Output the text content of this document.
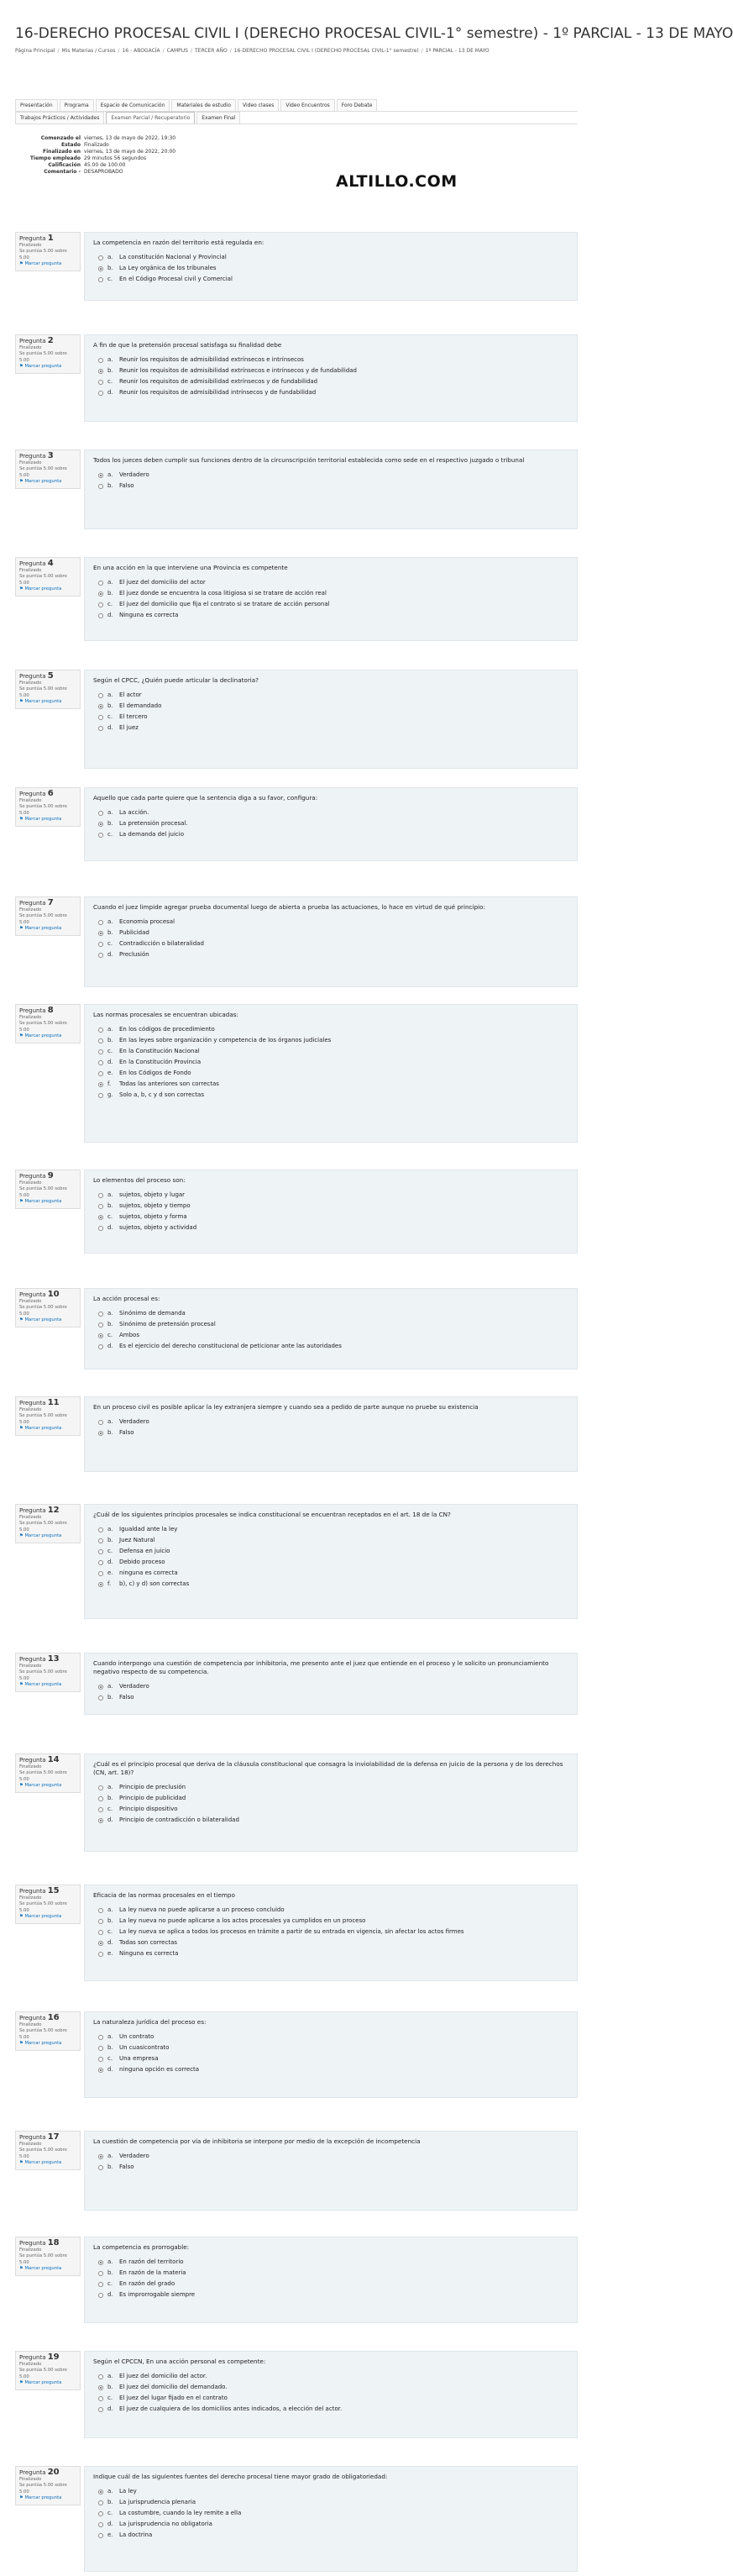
16-DERECHO PROCESAL CIVIL I (DERECHO PROCESAL CIVIL-1° semestre) - 1º PARCIAL - 13 DE MAYO
Página Principal / Mis Materias / Cursos / 16 - ABOGACÍA / CAMPUS / TERCER AÑO / 16-DERECHO PROCESAL CIVIL I (DERECHO PROCESAL CIVIL-1° semestre) / 1º PARCIAL - 13 DE MAYO
Presentación	Programa	Espacio de Comunicación	Materiales de estudio	Video clases	Video Encuentros	Foro Debate
Trabajos Prácticos / Actividades	Examen Parcial / Recuperatorio	Examen Final
Comenzado el viernes, 13 de mayo de 2022, 19:30
Estado Finalizado
Finalizado en viernes, 13 de mayo de 2022, 20:00
Tiempo empleado 29 minutos 56 segundos
Calificación 45.00 de 100.00
Comentario - DESAPROBADO
ALTILLO.COM
Pregunta 1
Finalizado
Se puntúa 5.00 sobre 5.00
⚑ Marcar pregunta
La competencia en razón del territorio está regulada en:
a.	La constitución Nacional y Provincial
b.	La Ley orgánica de los tribunales
c.	En el Código Procesal civil y Comercial
Pregunta 2
Finalizado
Se puntúa 5.00 sobre 5.00
⚑ Marcar pregunta
A fin de que la pretensión procesal satisfaga su finalidad debe
a.	Reunir los requisitos de admisibilidad extrínsecos e intrínsecos
b.	Reunir los requisitos de admisibilidad extrínsecos e intrínsecos y de fundabilidad
c.	Reunir los requisitos de admisibilidad extrínsecos y de fundabilidad
d.	Reunir los requisitos de admisibilidad intrínsecos y de fundabilidad
Pregunta 3
Finalizado
Se puntúa 5.00 sobre 5.00
⚑ Marcar pregunta
Todos los jueces deben cumplir sus funciones dentro de la circunscripción territorial establecida como sede en el respectivo juzgado o tribunal
a.	Verdadero
b.	Falso
Pregunta 4
Finalizado
Se puntúa 5.00 sobre 5.00
⚑ Marcar pregunta
En una acción en la que interviene una Provincia es competente
a.	El juez del domicilio del actor
b.	El juez donde se encuentra la cosa litigiosa si se tratare de acción real
c.	El juez del domicilio que fija el contrato si se tratare de acción personal
d.	Ninguna es correcta
Pregunta 5
Finalizado
Se puntúa 5.00 sobre 5.00
⚑ Marcar pregunta
Según el CPCC, ¿Quién puede articular la declinatoria?
a.	El actor
b.	El demandado
c.	El tercero
d.	El juez
Pregunta 6
Finalizado
Se puntúa 5.00 sobre 5.00
⚑ Marcar pregunta
Aquello que cada parte quiere que la sentencia diga a su favor, configura:
a.	La acción.
b.	La pretensión procesal.
c.	La demanda del juicio
Pregunta 7
Finalizado
Se puntúa 5.00 sobre 5.00
⚑ Marcar pregunta
Cuando el juez limpide agregar prueba documental luego de abierta a prueba las actuaciones, lo hace en virtud de qué principio:
a.	Economía procesal
b.	Publicidad
c.	Contradicción o bilateralidad
d.	Preclusión
Pregunta 8
Finalizado
Se puntúa 5.00 sobre 5.00
⚑ Marcar pregunta
Las normas procesales se encuentran ubicadas:
a.	En los códigos de procedimiento
b.	En las leyes sobre organización y competencia de los órganos judiciales
c.	En la Constitución Nacional
d.	En la Constitución Provincia
e.	En los Códigos de Fondo
f.	Todas las anteriores son correctas
g.	Solo a, b, c y d son correctas
Pregunta 9
Finalizado
Se puntúa 5.00 sobre 5.00
⚑ Marcar pregunta
Lo elementos del proceso son:
a.	sujetos, objeto y lugar
b.	sujetos, objeto y tiempo
c.	sujetos, objeto y forma
d.	sujetos, objeto y actividad
Pregunta 10
Finalizado
Se puntúa 5.00 sobre 5.00
⚑ Marcar pregunta
La acción procesal es:
a.	Sinónimo de demanda
b.	Sinónimo de pretensión procesal
c.	Ambos
d.	Es el ejercicio del derecho constitucional de peticionar ante las autoridades
Pregunta 11
Finalizado
Se puntúa 5.00 sobre 5.00
⚑ Marcar pregunta
En un proceso civil es posible aplicar la ley extranjera siempre y cuando sea a pedido de parte aunque no pruebe su existencia
a.	Verdadero
b.	Falso
Pregunta 12
Finalizado
Se puntúa 5.00 sobre 5.00
⚑ Marcar pregunta
¿Cuál de los siguientes principios procesales se indica constitucional se encuentran receptados en el art. 18 de la CN?
a.	Igualdad ante la ley
b.	Juez Natural
c.	Defensa en juicio
d.	Debido proceso
e.	ninguna es correcta
f.	b), c) y d) son correctas
Pregunta 13
Finalizado
Se puntúa 5.00 sobre 5.00
⚑ Marcar pregunta
Cuando interpongo una cuestión de competencia por inhibitoria, me presento ante el juez que entiende en el proceso y le solicito un pronunciamiento negativo respecto de su competencia.
a.	Verdadero
b.	Falso
Pregunta 14
Finalizado
Se puntúa 5.00 sobre 5.00
⚑ Marcar pregunta
¿Cuál es el principio procesal que deriva de la cláusula constitucional que consagra la inviolabilidad de la defensa en juicio de la persona y de los derechos (CN, art. 18)?
a.	Principio de preclusión
b.	Principio de publicidad
c.	Principio dispositivo
d.	Principio de contradicción o bilateralidad
Pregunta 15
Finalizado
Se puntúa 5.00 sobre 5.00
⚑ Marcar pregunta
Eficacia de las normas procesales en el tiempo
a.	La ley nueva no puede aplicarse a un proceso concluido
b.	La ley nueva no puede aplicarse a los actos procesales ya cumplidos en un proceso
c.	La ley nueva se aplica a todos los procesos en trámite a partir de su entrada en vigencia, sin afectar los actos firmes
d.	Todas son correctas
e.	Ninguna es correcta
Pregunta 16
Finalizado
Se puntúa 5.00 sobre 5.00
⚑ Marcar pregunta
La naturaleza jurídica del proceso es:
a.	Un contrato
b.	Un cuasicontrato
c.	Una empresa
d.	ninguna opción es correcta
Pregunta 17
Finalizado
Se puntúa 5.00 sobre 5.00
⚑ Marcar pregunta
La cuestión de competencia por vía de inhibitoria se interpone por medio de la excepción de incompetencia
a.	Verdadero
b.	Falso
Pregunta 18
Finalizado
Se puntúa 5.00 sobre 5.00
⚑ Marcar pregunta
La competencia es prorrogable:
a.	En razón del territorio
b.	En razón de la materia
c.	En razón del grado
d.	Es improrrogable siempre
Pregunta 19
Finalizado
Se puntúa 5.00 sobre 5.00
⚑ Marcar pregunta
Según el CPCCN, En una acción personal es competente:
a.	El juez del domicilio del actor.
b.	El juez del domicilio del demandado.
c.	El juez del lugar fijado en el contrato
d.	El juez de cualquiera de los domicilios antes indicados, a elección del actor.
Pregunta 20
Finalizado
Se puntúa 5.00 sobre 5.00
⚑ Marcar pregunta
Indique cuál de las siguientes fuentes del derecho procesal tiene mayor grado de obligatoriedad:
a.	La ley
b.	La jurisprudencia plenaria
c.	La costumbre, cuando la ley remite a ella
d.	La jurisprudencia no obligatoria
e.	La doctrina
